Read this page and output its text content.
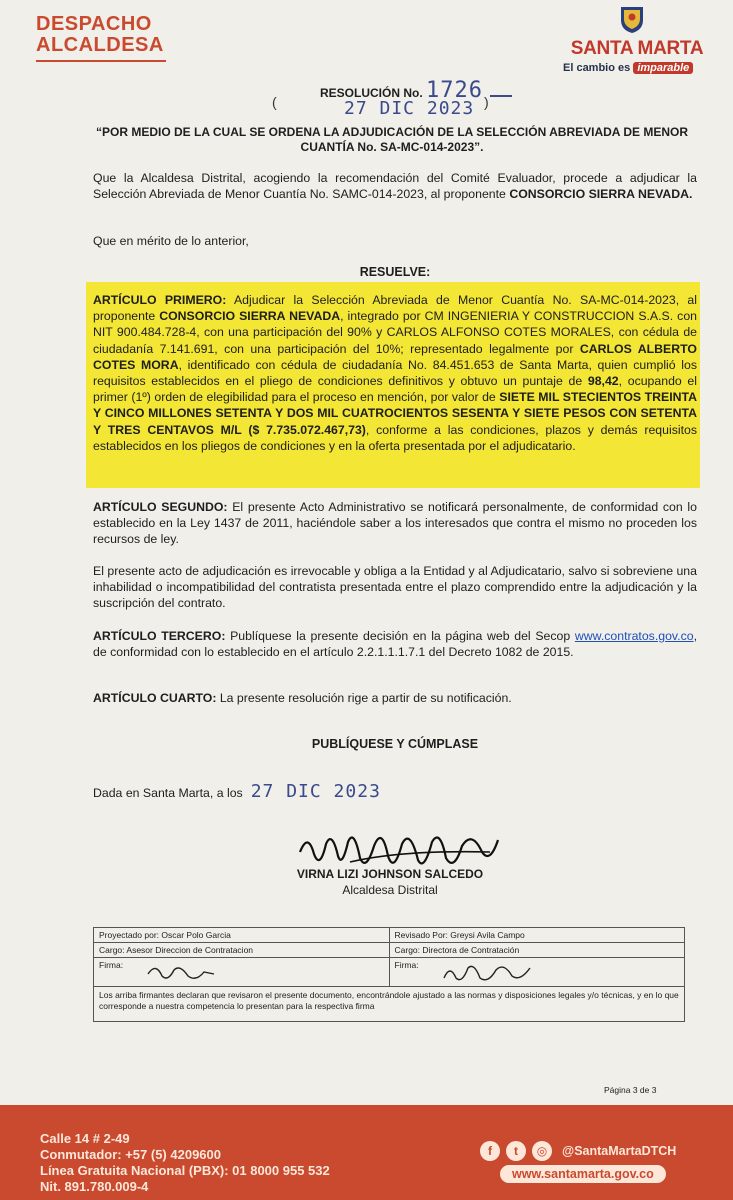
DESPACHO
ALCALDESA	SANTA MARTA
El cambio es imparable
RESOLUCIÓN No. 1726
(	)
27 DIC 2023
“POR MEDIO DE LA CUAL SE ORDENA LA ADJUDICACIÓN DE LA SELECCIÓN ABREVIADA DE MENOR CUANTÍA No. SA-MC-014-2023”.

Que la Alcaldesa Distrital, acogiendo la recomendación del Comité Evaluador, procede a adjudicar la Selección Abreviada de Menor Cuantía No. SAMC-014-2023, al proponente CONSORCIO SIERRA NEVADA.

Que en mérito de lo anterior,

RESUELVE:

ARTÍCULO PRIMERO: Adjudicar la Selección Abreviada de Menor Cuantía No. SA-MC-014-2023, al proponente CONSORCIO SIERRA NEVADA, integrado por CM INGENIERIA Y CONSTRUCCION S.A.S. con NIT 900.484.728-4, con una participación del 90% y CARLOS ALFONSO COTES MORALES, con cédula de ciudadanía 7.141.691, con una participación del 10%; representado legalmente por CARLOS ALBERTO COTES MORA, identificado con cédula de ciudadanía No. 84.451.653 de Santa Marta, quien cumplió los requisitos establecidos en el pliego de condiciones definitivos y obtuvo un puntaje de 98,42, ocupando el primer (1º) orden de elegibilidad para el proceso en mención, por valor de SIETE MIL STECIENTOS TREINTA Y CINCO MILLONES SETENTA Y DOS MIL CUATROCIENTOS SESENTA Y SIETE PESOS CON SETENTA Y TRES CENTAVOS M/L ($ 7.735.072.467,73), conforme a las condiciones, plazos y demás requisitos establecidos en los pliegos de condiciones y en la oferta presentada por el adjudicatario.

ARTÍCULO SEGUNDO: El presente Acto Administrativo se notificará personalmente, de conformidad con lo establecido en la Ley 1437 de 2011, haciéndole saber a los interesados que contra el mismo no proceden los recursos de ley.

El presente acto de adjudicación es irrevocable y obliga a la Entidad y al Adjudicatario, salvo si sobreviene una inhabilidad o incompatibilidad del contratista presentada entre el plazo comprendido entre la adjudicación y la suscripción del contrato.

ARTÍCULO TERCERO: Publíquese la presente decisión en la página web del Secop www.contratos.gov.co, de conformidad con lo establecido en el artículo 2.2.1.1.1.7.1 del Decreto 1082 de 2015.

ARTÍCULO CUARTO: La presente resolución rige a partir de su notificación.

PUBLÍQUESE Y CÚMPLASE

Dada en Santa Marta, a los 27 DIC 2023

VIRNA LIZI JOHNSON SALCEDO
Alcaldesa Distrital
Proyectado por: Oscar Polo Garcia	Revisado Por: Greysi Avila Campo
Cargo: Asesor Direccion de Contratacion	Cargo: Directora de Contratación
Firma:	Firma:
Los arriba firmantes declaran que revisaron el presente documento, encontrándole ajustado a las normas y disposiciones legales y/o técnicas, y en lo que corresponde a nuestra competencia lo presentan para la respectiva firma
Página 3 de 3
Calle 14 # 2-49
Conmutador: +57 (5) 4209600
Línea Gratuita Nacional (PBX): 01 8000 955 532
Nit. 891.780.009-4
f	t	◎	@SantaMartaDTCH
www.santamarta.gov.co
